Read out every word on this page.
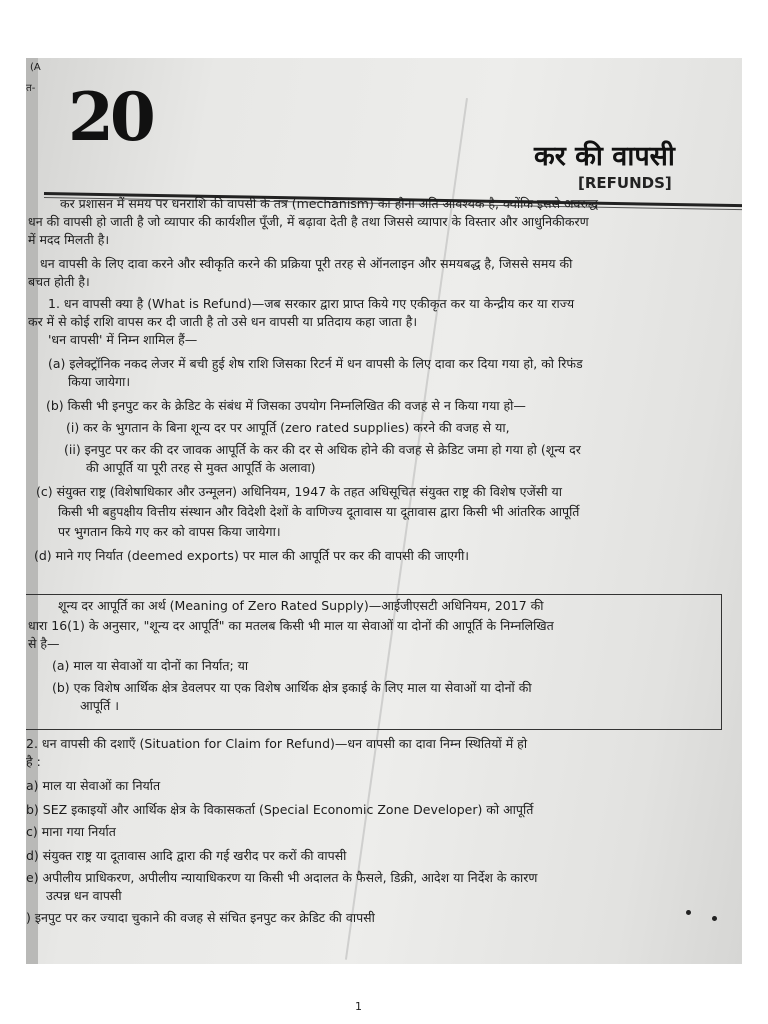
(A
त- 20
कर की वापसी
[REFUNDS]
कर प्रशासन में समय पर धनराशि की वापसी के तंत्र (mechanism) का होना अति आवश्यक है, क्योंकि इससे अवरुद्ध
धन की वापसी हो जाती है जो व्यापार की कार्यशील पूँजी, में बढ़ावा देती है तथा जिससे व्यापार के विस्तार और आधुनिकीकरण
में मदद मिलती है।
धन वापसी के लिए दावा करने और स्वीकृति करने की प्रक्रिया पूरी तरह से ऑनलाइन और समयबद्ध है, जिससे समय की
बचत होती है।
1. धन वापसी क्या है (What is Refund)—जब सरकार द्वारा प्राप्त किये गए एकीकृत कर या केन्द्रीय कर या राज्य
कर में से कोई राशि वापस कर दी जाती है तो उसे धन वापसी या प्रतिदाय कहा जाता है।
'धन वापसी' में निम्न शामिल हैं—
(a) इलेक्ट्रॉनिक नकद लेजर में बची हुई शेष राशि जिसका रिटर्न में धन वापसी के लिए दावा कर दिया गया हो, को रिफंड
किया जायेगा।
(b) किसी भी इनपुट कर के क्रेडिट के संबंध में जिसका उपयोग निम्नलिखित की वजह से न किया गया हो—
(i) कर के भुगतान के बिना शून्य दर पर आपूर्ति (zero rated supplies) करने की वजह से या,
(ii) इनपुट पर कर की दर जावक आपूर्ति के कर की दर से अधिक होने की वजह से क्रेडिट जमा हो गया हो (शून्य दर
की आपूर्ति या पूरी तरह से मुक्त आपूर्ति के अलावा)
(c) संयुक्त राष्ट्र (विशेषाधिकार और उन्मूलन) अधिनियम, 1947 के तहत अधिसूचित संयुक्त राष्ट्र की विशेष एजेंसी या
किसी भी बहुपक्षीय वित्तीय संस्थान और विदेशी देशों के वाणिज्य दूतावास या दूतावास द्वारा किसी भी आंतरिक आपूर्ति
पर भुगतान किये गए कर को वापस किया जायेगा।
(d) माने गए निर्यात (deemed exports) पर माल की आपूर्ति पर कर की वापसी की जाएगी।
शून्य दर आपूर्ति का अर्थ (Meaning of Zero Rated Supply)—आईजीएसटी अधिनियम, 2017 की
धारा 16(1) के अनुसार, "शून्य दर आपूर्ति" का मतलब किसी भी माल या सेवाओं या दोनों की आपूर्ति के निम्नलिखित
से है—
(a) माल या सेवाओं या दोनों का निर्यात; या
(b) एक विशेष आर्थिक क्षेत्र डेवलपर या एक विशेष आर्थिक क्षेत्र इकाई के लिए माल या सेवाओं या दोनों की
आपूर्ति ।
2. धन वापसी की दशाएँ (Situation for Claim for Refund)—धन वापसी का दावा निम्न स्थितियों में हो
है :
a) माल या सेवाओं का निर्यात
b) SEZ इकाइयों और आर्थिक क्षेत्र के विकासकर्ता (Special Economic Zone Developer) को आपूर्ति
c) माना गया निर्यात
d) संयुक्त राष्ट्र या दूतावास आदि द्वारा की गई खरीद पर करों की वापसी
e) अपीलीय प्राधिकरण, अपीलीय न्यायाधिकरण या किसी भी अदालत के फैसले, डिक्री, आदेश या निर्देश के कारण
उत्पन्न धन वापसी
) इनपुट पर कर ज्यादा चुकाने की वजह से संचित इनपुट कर क्रेडिट की वापसी
1
